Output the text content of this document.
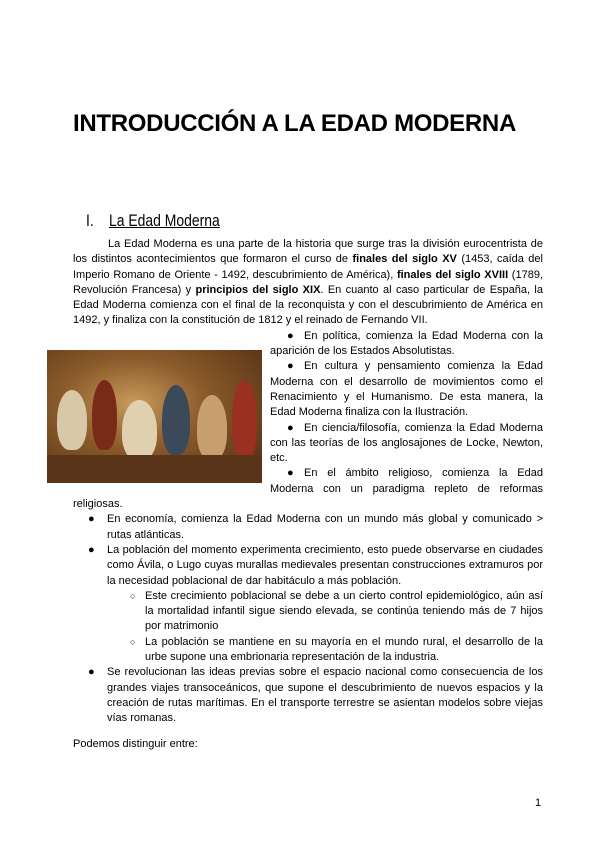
INTRODUCCIÓN A LA EDAD MODERNA
I. La Edad Moderna

La Edad Moderna es una parte de la historia que surge tras la división eurocentrista de los distintos acontecimientos que formaron el curso de finales del siglo XV (1453, caída del Imperio Romano de Oriente - 1492, descubrimiento de América), finales del siglo XVIII (1789, Revolución Francesa) y principios del siglo XIX. En cuanto al caso particular de España, la Edad Moderna comienza con el final de la reconquista y con el descubrimiento de América en 1492, y finaliza con la constitución de 1812 y el reinado de Fernando VII.

● En política, comienza la Edad Moderna con la aparición de los Estados Absolutistas.

● En cultura y pensamiento comienza la Edad Moderna con el desarrollo de movimientos como el Renacimiento y el Humanismo. De esta manera, la Edad Moderna finaliza con la Ilustración.

● En ciencia/filosofía, comienza la Edad Moderna con las teorías de los anglosajones de Locke, Newton, etc.

● En el ámbito religioso, comienza la Edad Moderna con un paradigma repleto de reformas religiosas.

● En economía, comienza la Edad Moderna con un mundo más global y comunicado > rutas atlánticas.
● La población del momento experimenta crecimiento, esto puede observarse en ciudades como Ávila, o Lugo cuyas murallas medievales presentan construcciones extramuros por la necesidad poblacional de dar habitáculo a más población.
○ Este crecimiento poblacional se debe a un cierto control epidemiológico, aún así la mortalidad infantil sigue siendo elevada, se continúa teniendo más de 7 hijos por matrimonio
○ La población se mantiene en su mayoría en el mundo rural, el desarrollo de la urbe supone una embrionaria representación de la industria.
● Se revolucionan las ideas previas sobre el espacio nacional como consecuencia de los grandes viajes transoceánicos, que supone el descubrimiento de nuevos espacios y la creación de rutas marítimas. En el transporte terrestre se asientan modelos sobre viejas vías romanas.
Podemos distinguir entre:
1
